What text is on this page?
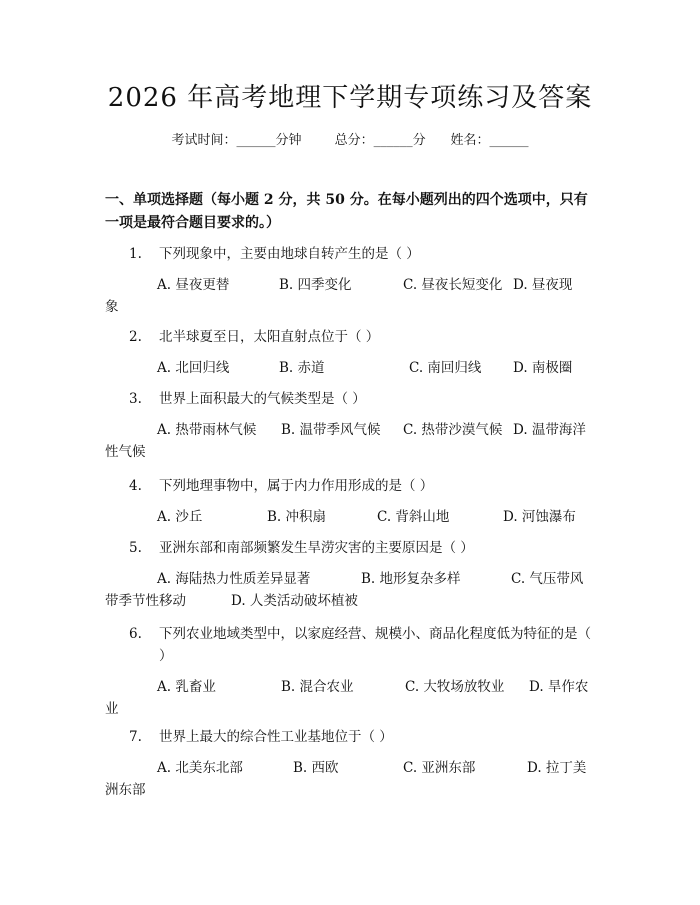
2026 年高考地理下学期专项练习及答案
考试时间：______分钟	总分：______分 姓名：______
一、单项选择题（每小题 2 分，共 50 分。在每小题列出的四个选项中，只有一项是最符合题目要求的。）
1.	下列现象中，主要由地球自转产生的是（ ）
A. 昼夜更替	B. 四季变化	C. 昼夜长短变化 D. 昼夜现
象
2.	北半球夏至日，太阳直射点位于（ ）
A. 北回归线	B. 赤道	C. 南回归线	D. 南极圈
3.	世界上面积最大的气候类型是（ ）
A. 热带雨林气候	B. 温带季风气候	C. 热带沙漠气候 D. 温带海洋
性气候
4.	下列地理事物中，属于内力作用形成的是（ ）
A. 沙丘	B. 冲积扇	C. 背斜山地	D. 河蚀瀑布
5.	亚洲东部和南部频繁发生旱涝灾害的主要原因是（ ）
A. 海陆热力性质差异显著	B. 地形复杂多样	C. 气压带风
带季节性移动	D. 人类活动破坏植被
6.	下列农业地域类型中，以家庭经营、规模小、商品化程度低为特征的是（ ）
A. 乳畜业	B. 混合农业	C. 大牧场放牧业	D. 旱作农
业
7.	世界上最大的综合性工业基地位于（ ）
A. 北美东北部	B. 西欧	C. 亚洲东部	D. 拉丁美
洲东部
